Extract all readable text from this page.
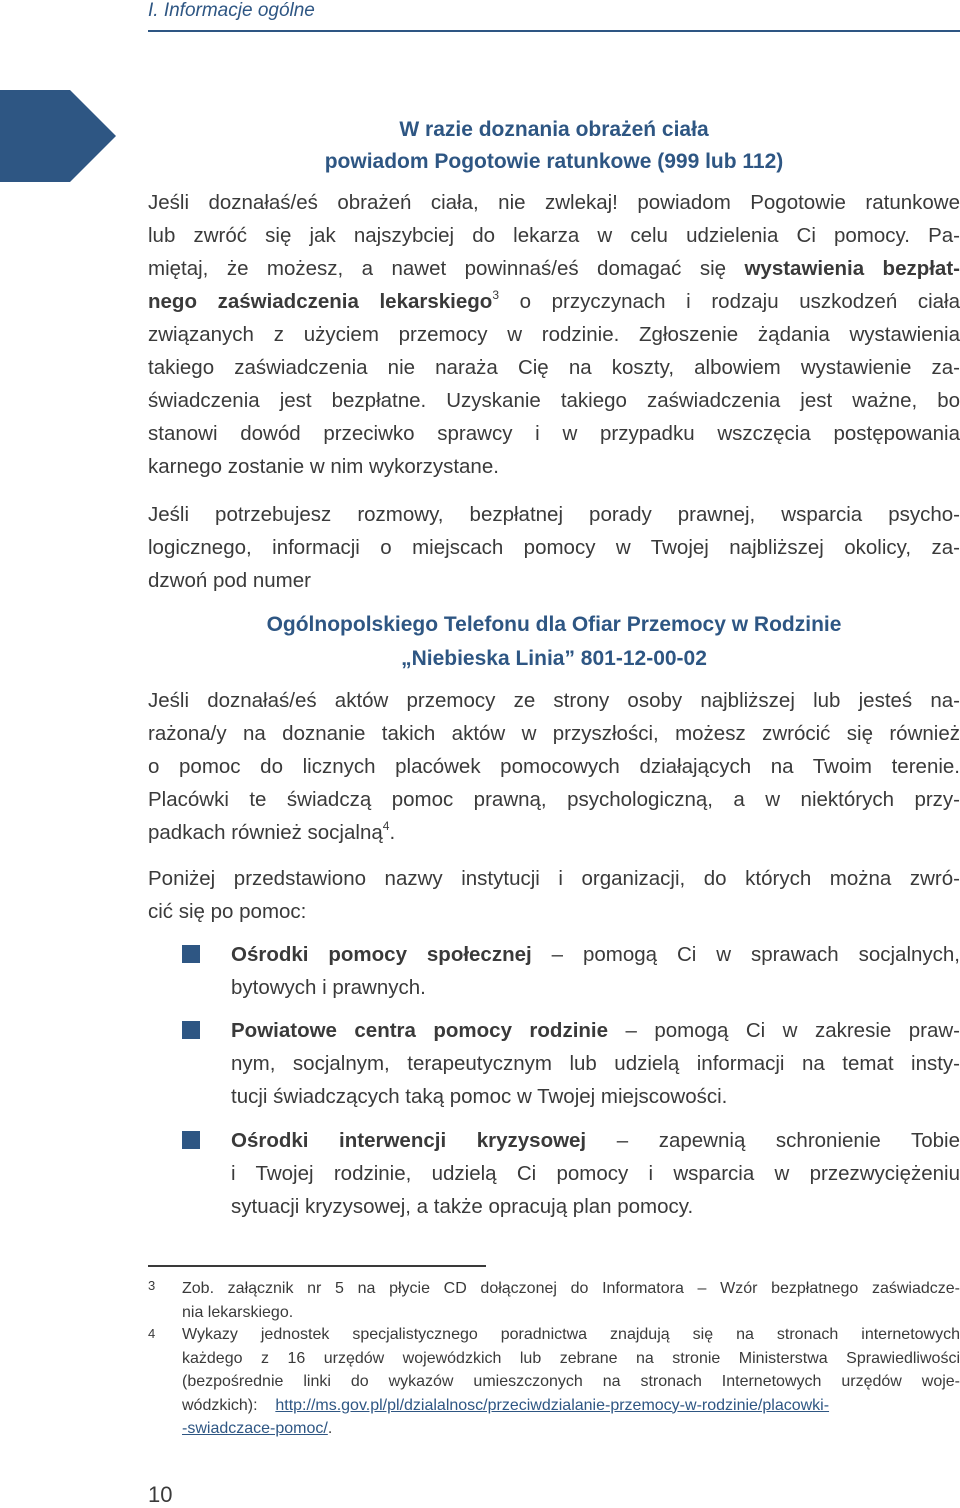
I. Informacje ogólne
W razie doznania obrażeń ciała
powiadom Pogotowie ratunkowe (999 lub 112)
Jeśli doznałaś/eś obrażeń ciała, nie zwlekaj! powiadom Pogotowie ratunkowe
lub zwróć się jak najszybciej do lekarza w celu udzielenia Ci pomocy. Pa-
miętaj, że możesz, a nawet powinnaś/eś domagać się wystawienia bezpłat-
nego zaświadczenia lekarskiego$^3$ o przyczynach i rodzaju uszkodzeń ciała
związanych z użyciem przemocy w rodzinie. Zgłoszenie żądania wystawienia
takiego zaświadczenia nie naraża Cię na koszty, albowiem wystawienie za-
świadczenia jest bezpłatne. Uzyskanie takiego zaświadczenia jest ważne, bo
stanowi dowód przeciwko sprawcy i w przypadku wszczęcia postępowania
karnego zostanie w nim wykorzystane.
Jeśli potrzebujesz rozmowy, bezpłatnej porady prawnej, wsparcia psycho-
logicznego, informacji o miejscach pomocy w Twojej najbliższej okolicy, za-
dzwoń pod numer
Ogólnopolskiego Telefonu dla Ofiar Przemocy w Rodzinie
„Niebieska Linia” 801-12-00-02
Jeśli doznałaś/eś aktów przemocy ze strony osoby najbliższej lub jesteś na-
rażona/y na doznanie takich aktów w przyszłości, możesz zwrócić się również
o pomoc do licznych placówek pomocowych działających na Twoim terenie.
Placówki te świadczą pomoc prawną, psychologiczną, a w niektórych przy-
padkach również socjalną$^4$.
Poniżej przedstawiono nazwy instytucji i organizacji, do których można zwró-
cić się po pomoc:
Ośrodki pomocy społecznej – pomogą Ci w sprawach socjalnych,
bytowych i prawnych.
Powiatowe centra pomocy rodzinie – pomogą Ci w zakresie praw-
nym, socjalnym, terapeutycznym lub udzielą informacji na temat insty-
tucji świadczących taką pomoc w Twojej miejscowości.
Ośrodki interwencji kryzysowej – zapewnią schronienie Tobie
i Twojej rodzinie, udzielą Ci pomocy i wsparcia w przezwyciężeniu
sytuacji kryzysowej, a także opracują plan pomocy.
3 Zob. załącznik nr 5 na płycie CD dołączonej do Informatora – Wzór bezpłatnego zaświadcze-
nia lekarskiego.
4 Wykazy jednostek specjalistycznego poradnictwa znajdują się na stronach internetowych
każdego z 16 urzędów wojewódzkich lub zebrane na stronie Ministerstwa Sprawiedliwości
(bezpośrednie linki do wykazów umieszczonych na stronach Internetowych urzędów woje-
wódzkich):    http://ms.gov.pl/pl/dzialalnosc/przeciwdzialanie-przemocy-w-rodzinie/placowki-
-swiadczace-pomoc/.
10
